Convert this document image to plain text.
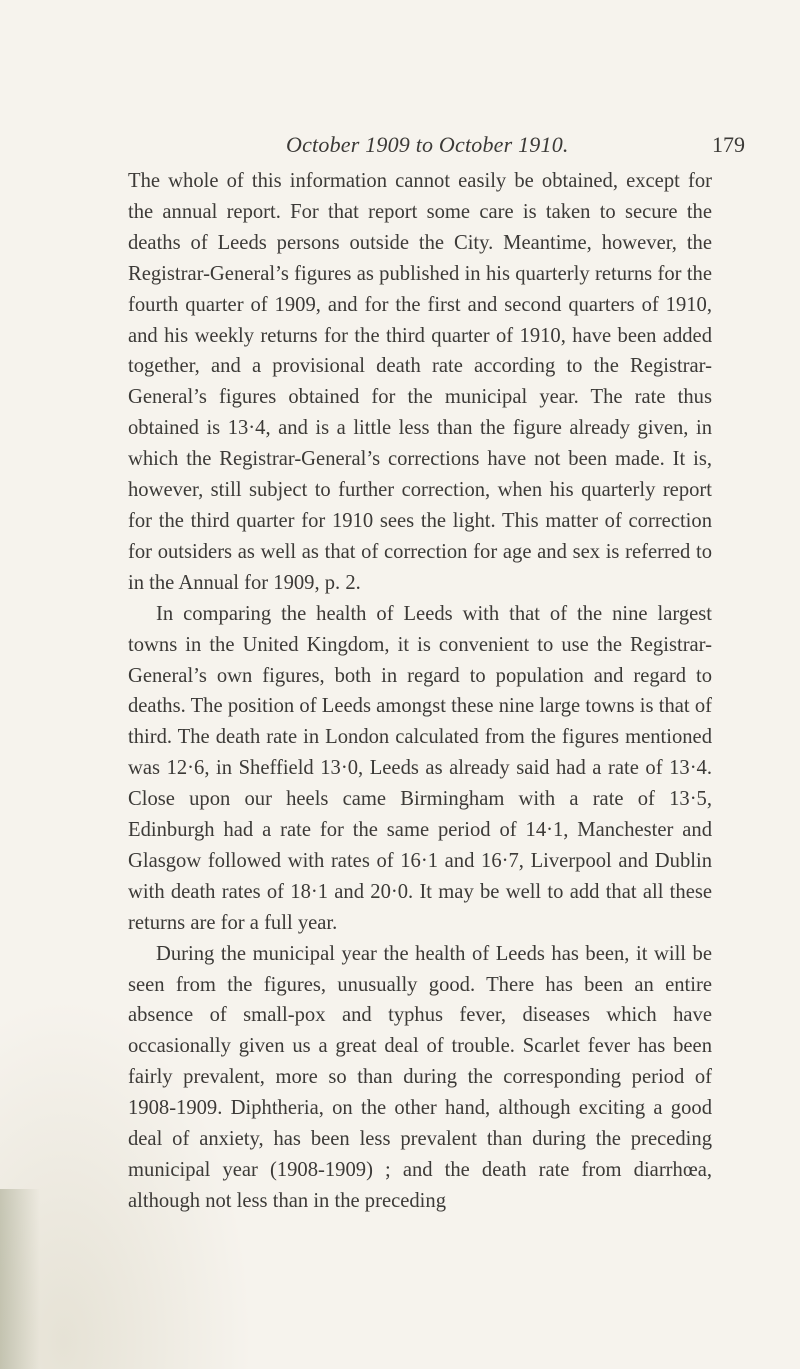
October 1909 to October 1910.	179

The whole of this information cannot easily be obtained, except for the annual report. For that report some care is taken to secure the deaths of Leeds persons outside the City. Meantime, however, the Registrar-General’s figures as published in his quarterly returns for the fourth quarter of 1909, and for the first and second quarters of 1910, and his weekly returns for the third quarter of 1910, have been added together, and a provisional death rate according to the Registrar-General’s figures obtained for the municipal year. The rate thus obtained is 13·4, and is a little less than the figure already given, in which the Registrar-General’s corrections have not been made. It is, however, still subject to further correction, when his quarterly report for the third quarter for 1910 sees the light. This matter of correction for outsiders as well as that of correction for age and sex is referred to in the Annual for 1909, p. 2.

In comparing the health of Leeds with that of the nine largest towns in the United Kingdom, it is convenient to use the Registrar-General’s own figures, both in regard to population and regard to deaths. The position of Leeds amongst these nine large towns is that of third. The death rate in London calculated from the figures mentioned was 12·6, in Sheffield 13·0, Leeds as already said had a rate of 13·4. Close upon our heels came Birmingham with a rate of 13·5, Edinburgh had a rate for the same period of 14·1, Manchester and Glasgow followed with rates of 16·1 and 16·7, Liverpool and Dublin with death rates of 18·1 and 20·0. It may be well to add that all these returns are for a full year.

During the municipal year the health of Leeds has been, it will be seen from the figures, unusually good. There has been an entire absence of small-pox and typhus fever, diseases which have occasionally given us a great deal of trouble. Scarlet fever has been fairly prevalent, more so than during the corresponding period of 1908-1909. Diphtheria, on the other hand, although exciting a good deal of anxiety, has been less prevalent than during the preceding municipal year (1908-1909) ; and the death rate from diarrhœa, although not less than in the preceding
